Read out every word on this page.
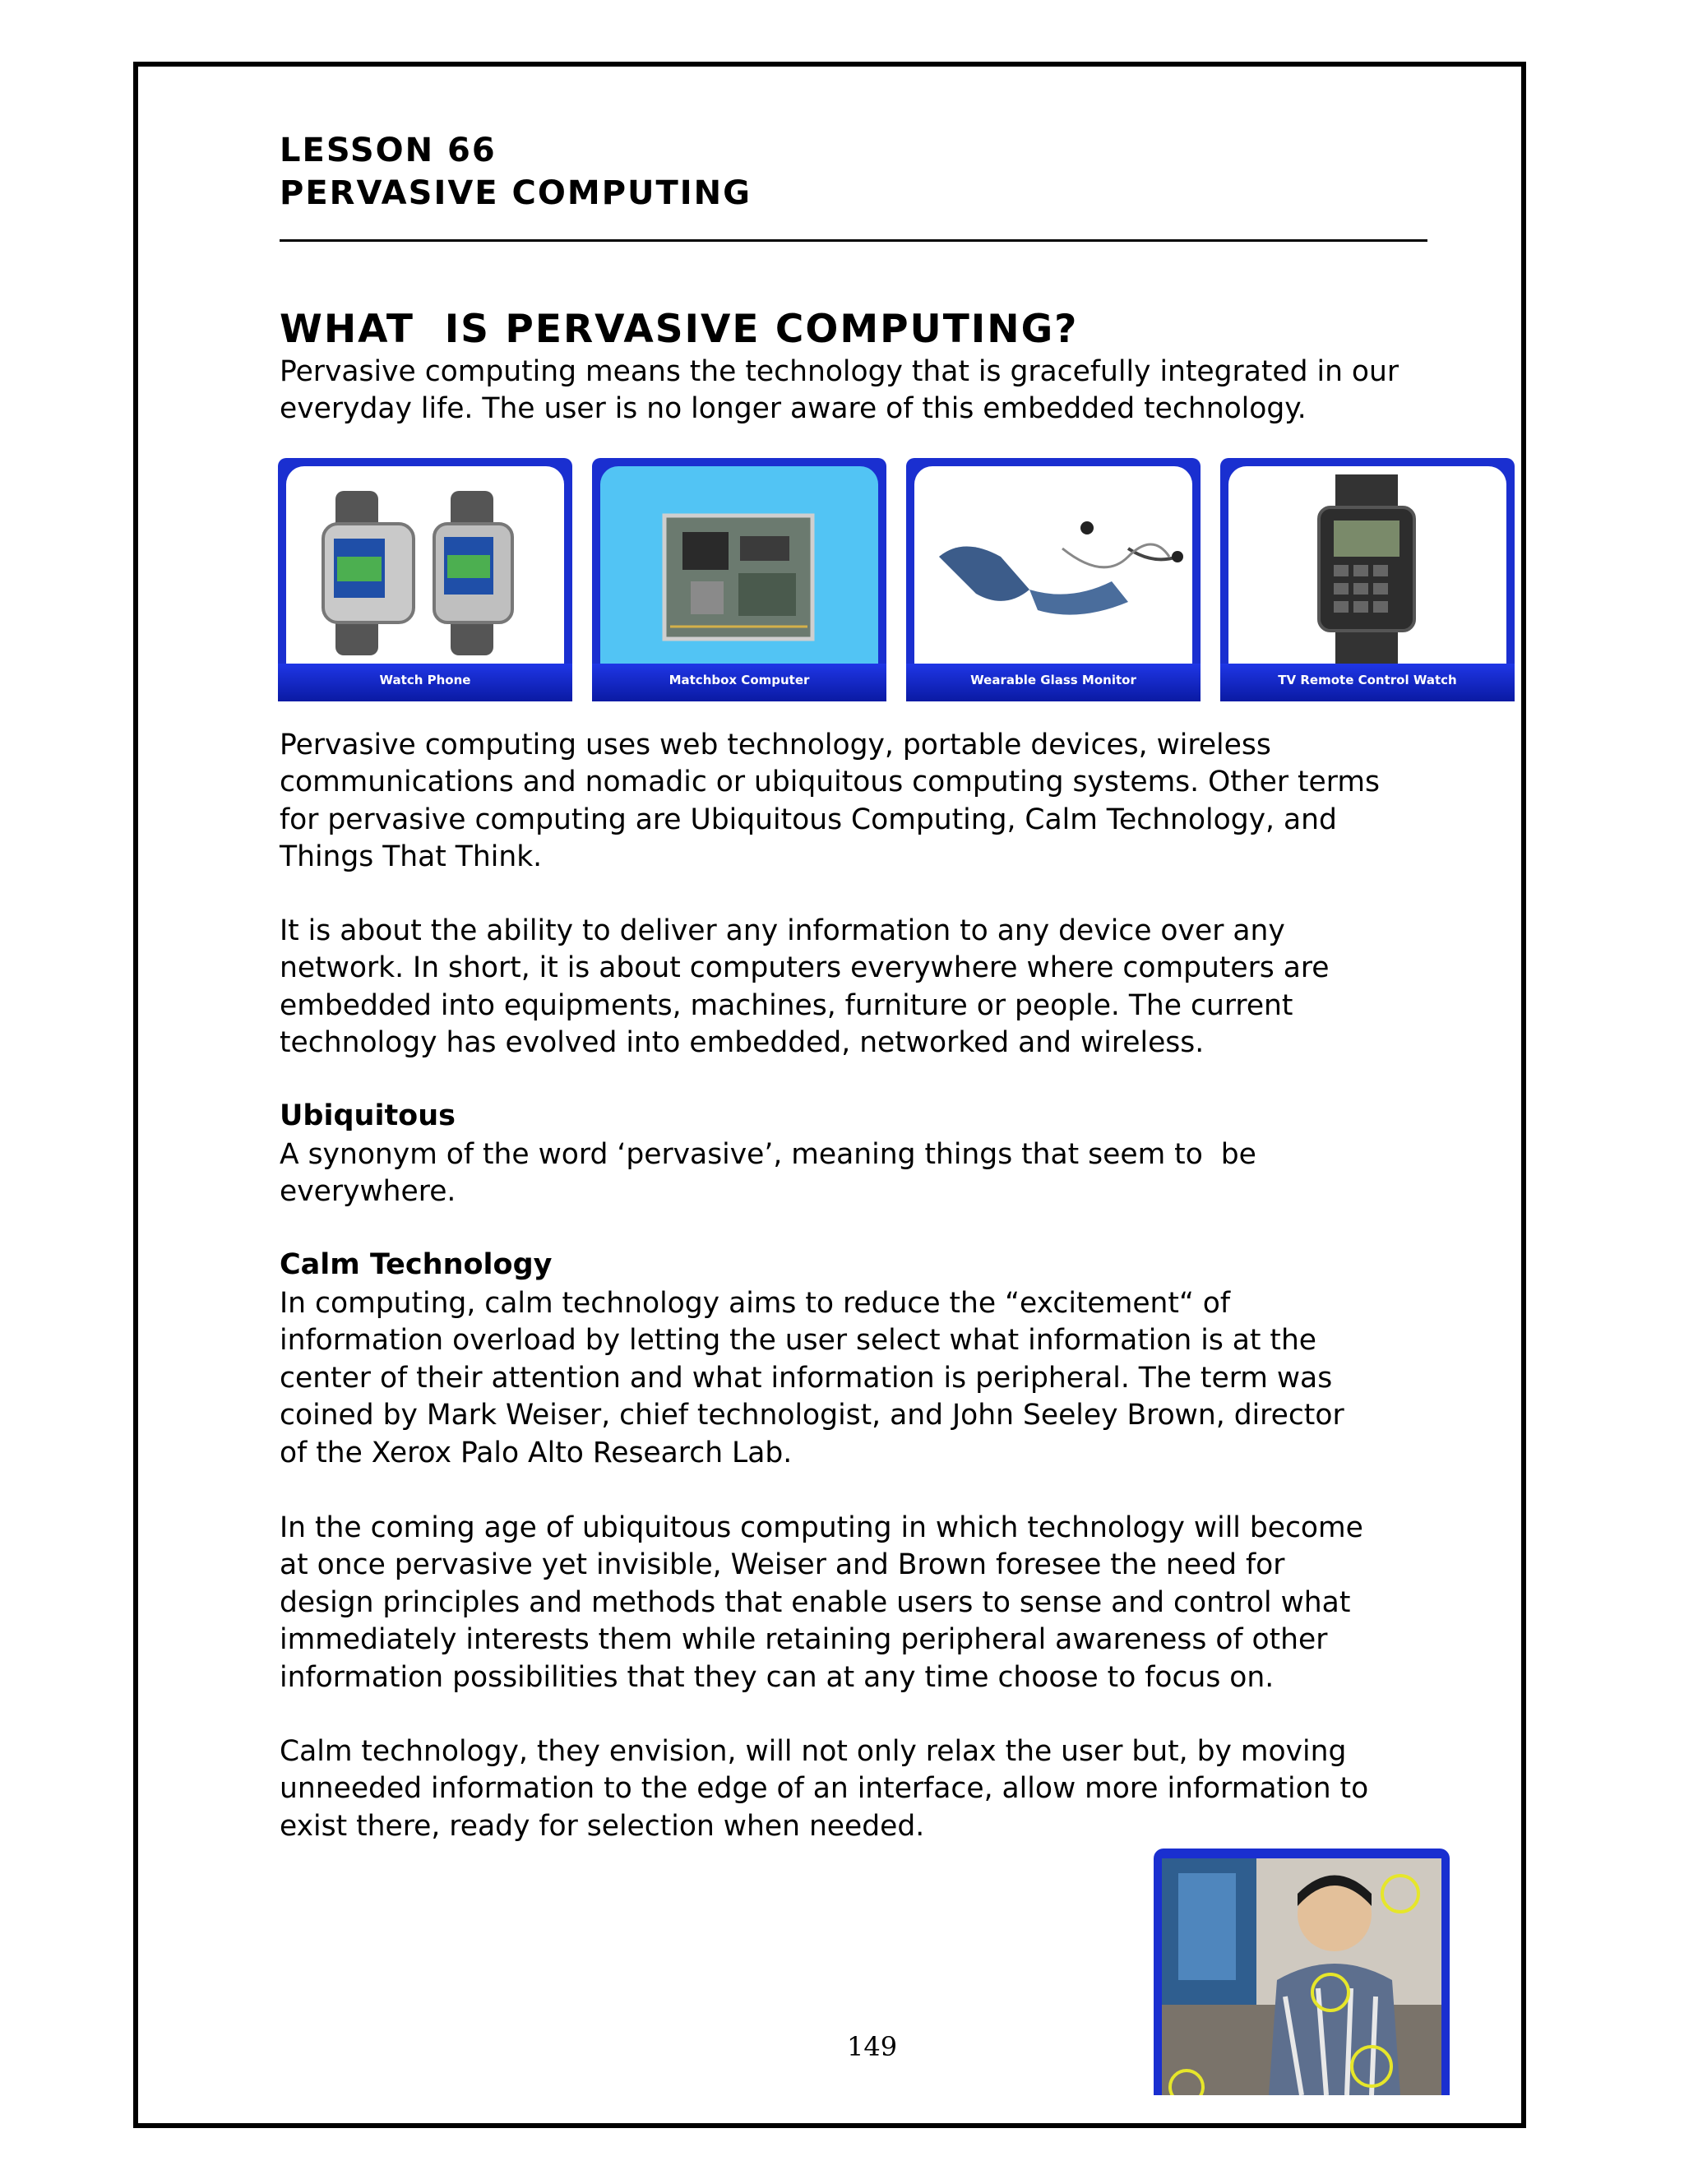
LESSON 66
PERVASIVE COMPUTING
WHAT  IS PERVASIVE COMPUTING?
Pervasive computing means the technology that is gracefully integrated in our
everyday life. The user is no longer aware of this embedded technology.
Watch Phone	Matchbox Computer	Wearable Glass Monitor	TV Remote Control Watch
Pervasive computing uses web technology, portable devices, wireless
communications and nomadic or ubiquitous computing systems. Other terms
for pervasive computing are Ubiquitous Computing, Calm Technology, and
Things That Think.
It is about the ability to deliver any information to any device over any
network. In short, it is about computers everywhere where computers are
embedded into equipments, machines, furniture or people. The current
technology has evolved into embedded, networked and wireless.
Ubiquitous
A synonym of the word ‘pervasive’, meaning things that seem to  be
everywhere.
Calm Technology
In computing, calm technology aims to reduce the “excitement“ of
information overload by letting the user select what information is at the
center of their attention and what information is peripheral. The term was
coined by Mark Weiser, chief technologist, and John Seeley Brown, director
of the Xerox Palo Alto Research Lab.
In the coming age of ubiquitous computing in which technology will become
at once pervasive yet invisible, Weiser and Brown foresee the need for
design principles and methods that enable users to sense and control what
immediately interests them while retaining peripheral awareness of other
information possibilities that they can at any time choose to focus on.
Calm technology, they envision, will not only relax the user but, by moving
unneeded information to the edge of an interface, allow more information to
exist there, ready for selection when needed.
149
